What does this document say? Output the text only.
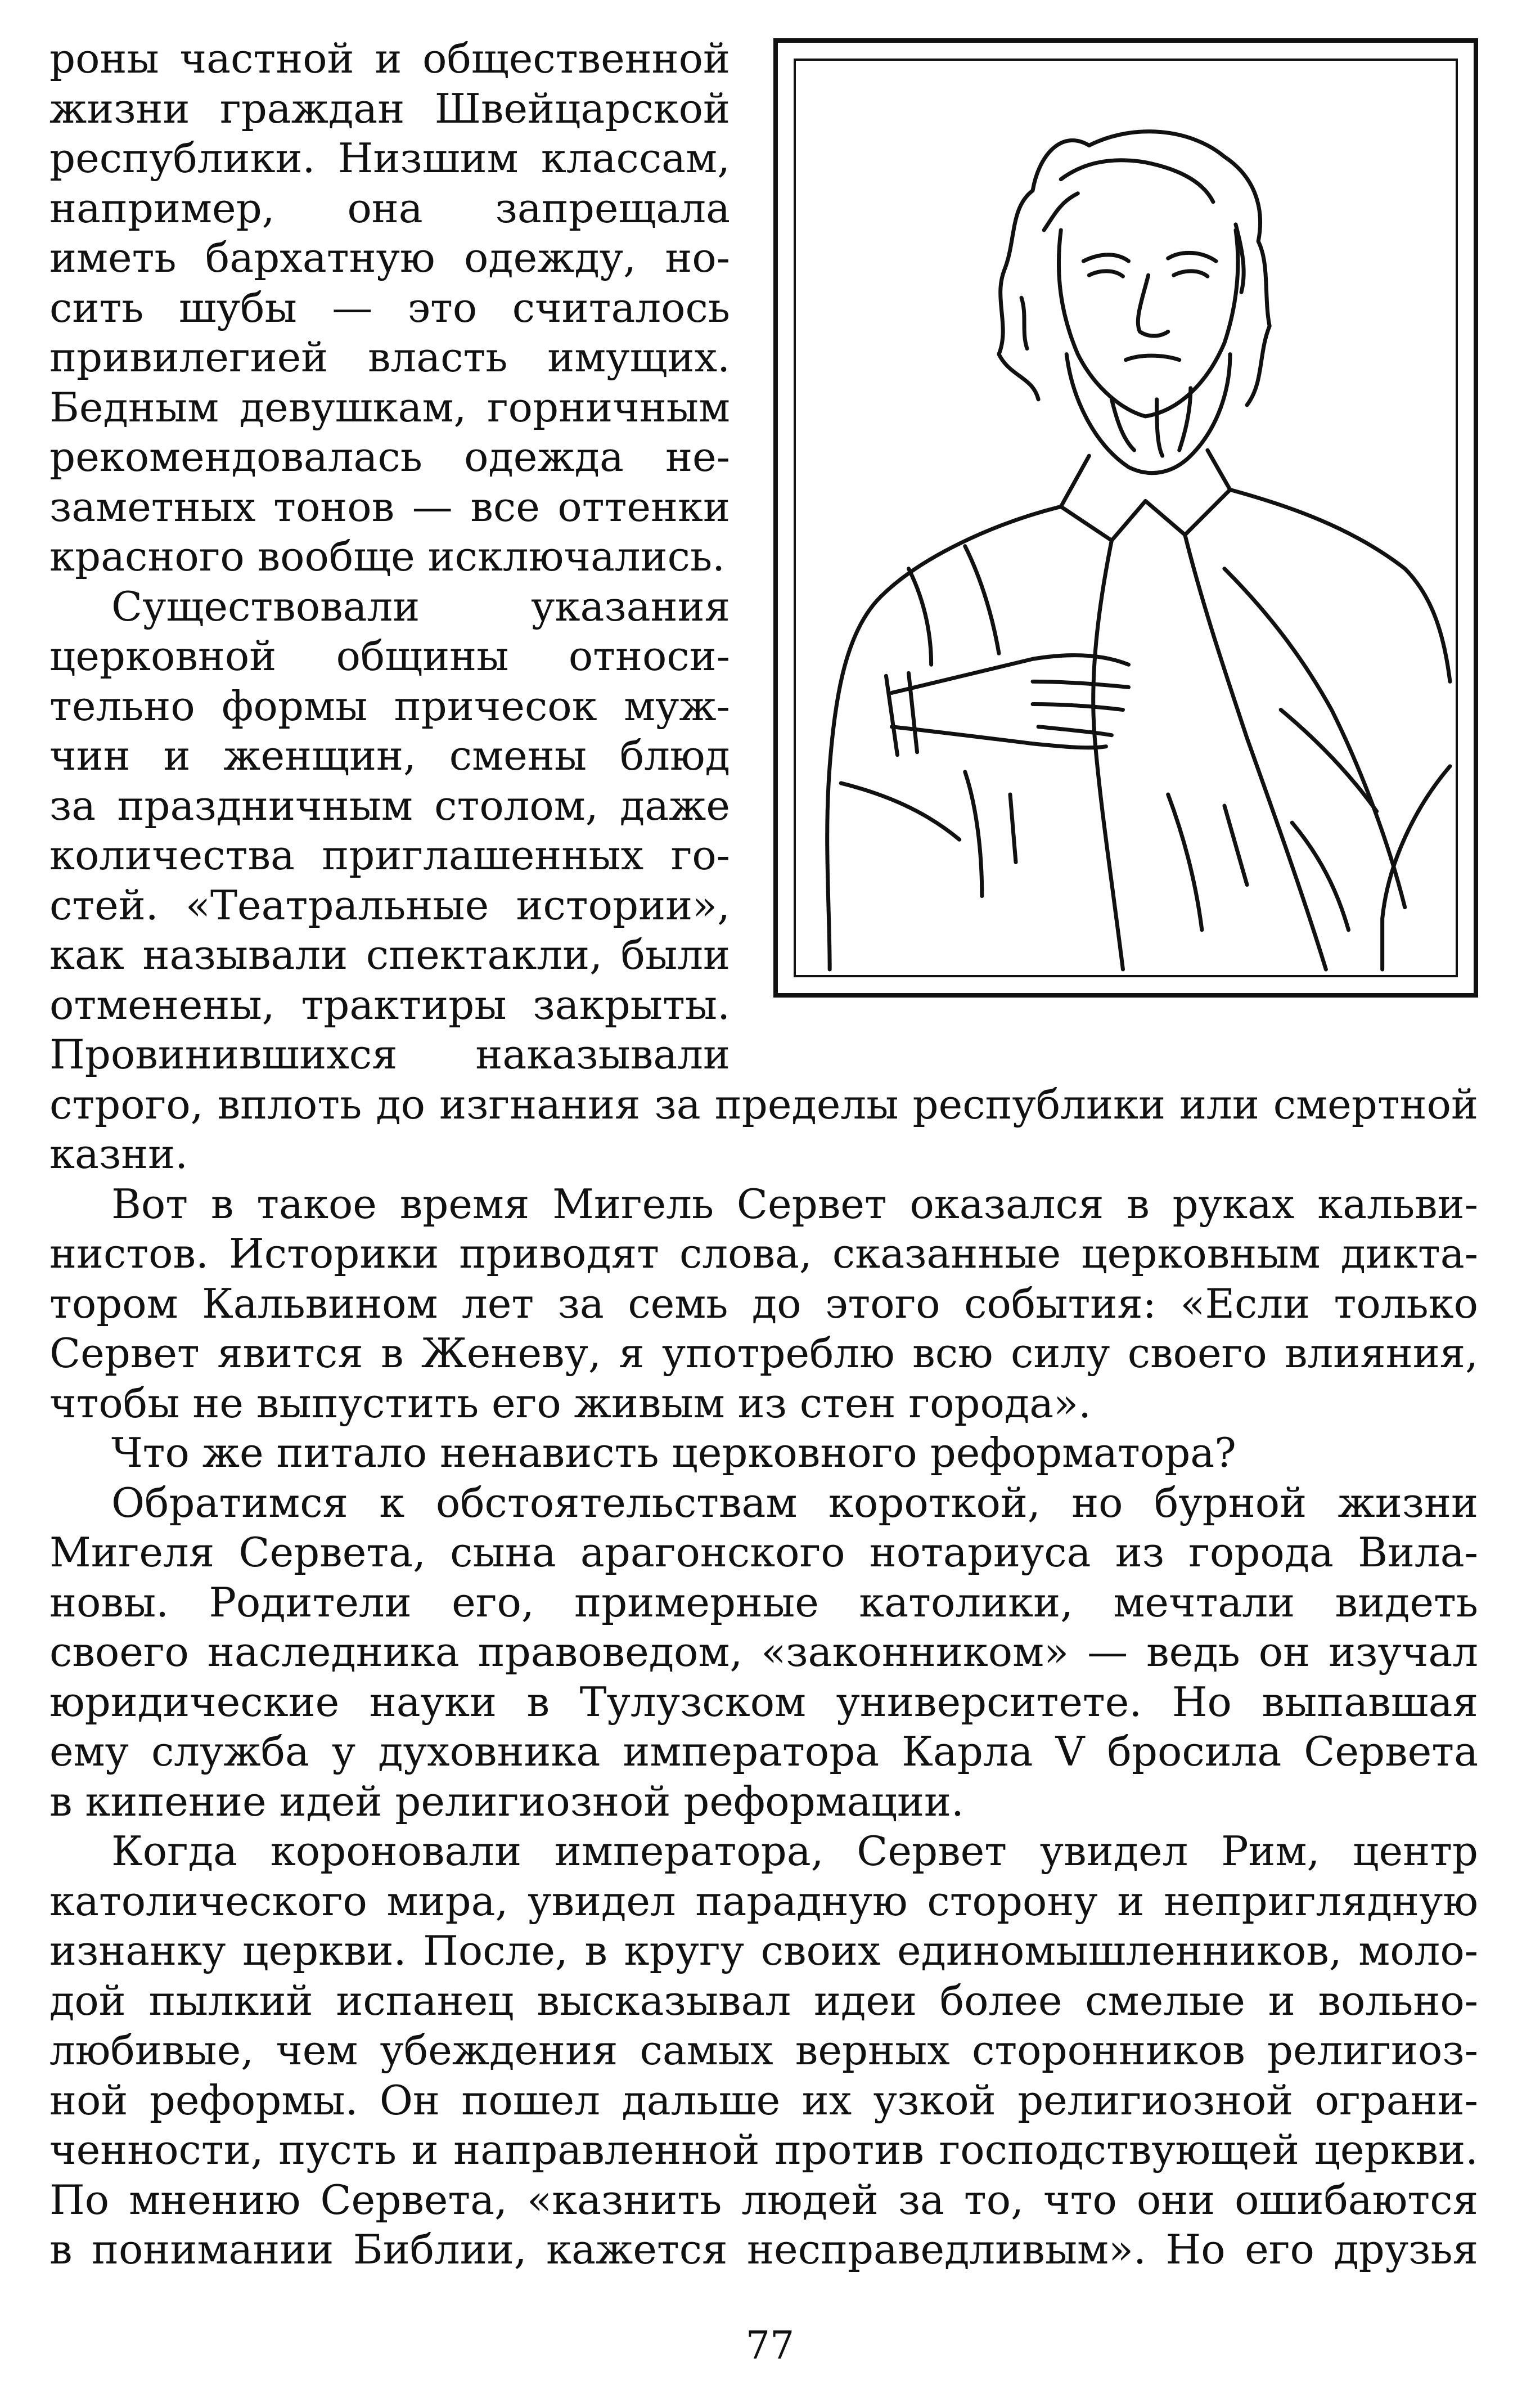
роны частной и общественной
жизни граждан Швейцарской
республики. Низшим классам,
например, она запрещала
иметь бархатную одежду, но-
сить шубы — это считалось
привилегией власть имущих.
Бедным девушкам, горничным
рекомендовалась одежда не-
заметных тонов — все оттенки
красного вообще исключались.
Существовали указания
церковной общины относи-
тельно формы причесок муж-
чин и женщин, смены блюд
за праздничным столом, даже
количества приглашенных го-
стей. «Театральные истории»,
как называли спектакли, были
отменены, трактиры закрыты.
Провинившихся наказывали
строго, вплоть до изгнания за пределы республики или смертной
казни.
Вот в такое время Мигель Сервет оказался в руках кальви-
нистов. Историки приводят слова, сказанные церковным дикта-
тором Кальвином лет за семь до этого события: «Если только
Сервет явится в Женеву, я употреблю всю силу своего влияния,
чтобы не выпустить его живым из стен города».
Что же питало ненависть церковного реформатора?
Обратимся к обстоятельствам короткой, но бурной жизни
Мигеля Сервета, сына арагонского нотариуса из города Вила-
новы. Родители его, примерные католики, мечтали видеть
своего наследника правоведом, «законником» — ведь он изучал
юридические науки в Тулузском университете. Но выпавшая
ему служба у духовника императора Карла V бросила Сервета
в кипение идей религиозной реформации.
Когда короновали императора, Сервет увидел Рим, центр
католического мира, увидел парадную сторону и неприглядную
изнанку церкви. После, в кругу своих единомышленников, моло-
дой пылкий испанец высказывал идеи более смелые и вольно-
любивые, чем убеждения самых верных сторонников религиоз-
ной реформы. Он пошел дальше их узкой религиозной ограни-
ченности, пусть и направленной против господствующей церкви.
По мнению Сервета, «казнить людей за то, что они ошибаются
в понимании Библии, кажется несправедливым». Но его друзья
77
